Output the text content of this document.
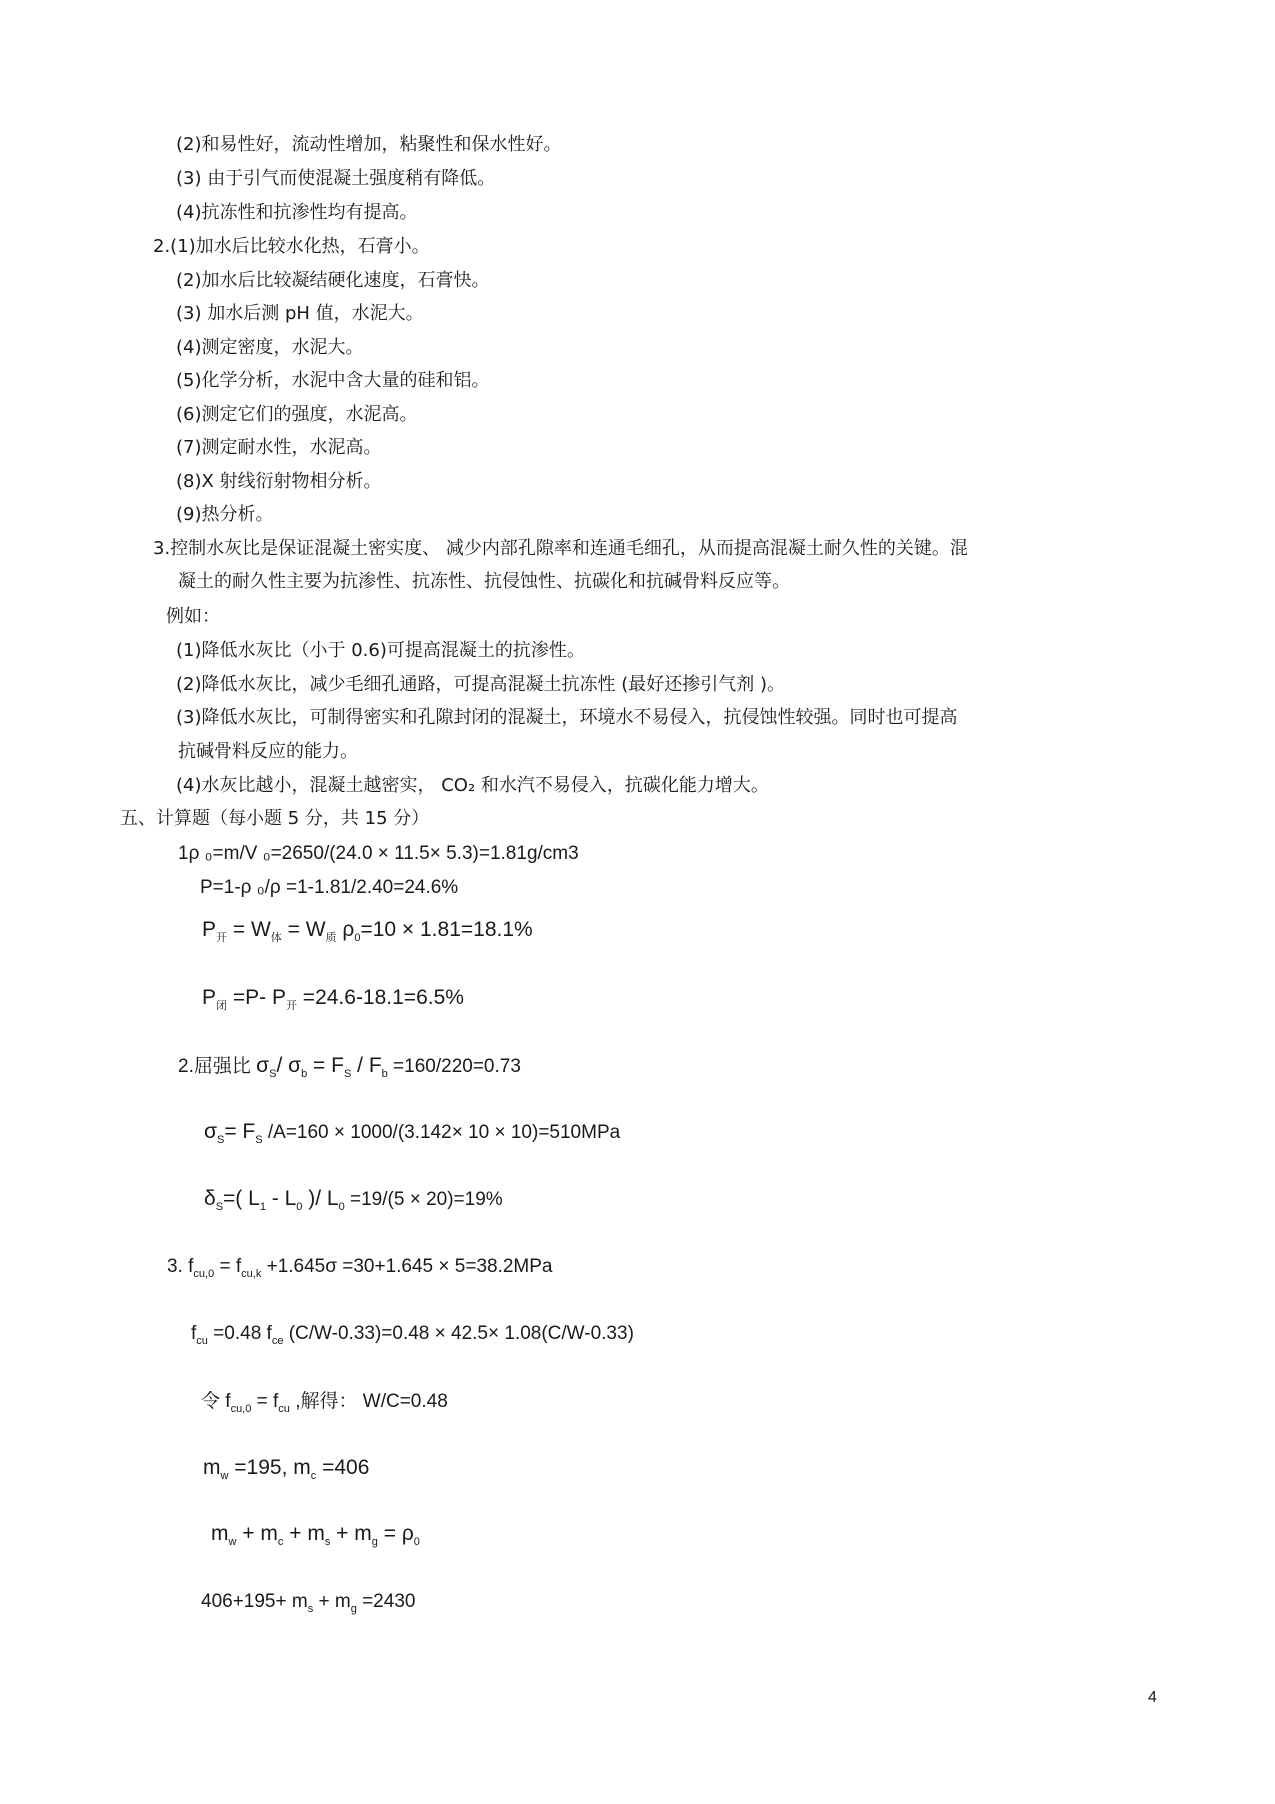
(2)和易性好，流动性增加，粘聚性和保水性好。
(3) 由于引气而使混凝土强度稍有降低。
(4)抗冻性和抗渗性均有提高。
2.(1)加水后比较水化热，石膏小。
(2)加水后比较凝结硬化速度，石膏快。
(3) 加水后测 pH 值，水泥大。
(4)测定密度，水泥大。
(5)化学分析，水泥中含大量的硅和铝。
(6)测定它们的强度，水泥高。
(7)测定耐水性，水泥高。
(8)X 射线衍射物相分析。
(9)热分析。
3.控制水灰比是保证混凝土密实度、 减少内部孔隙率和连通毛细孔，从而提高混凝土耐久性的关键。混
凝土的耐久性主要为抗渗性、抗冻性、抗侵蚀性、抗碳化和抗碱骨料反应等。
例如：
(1)降低水灰比（小于 0.6)可提高混凝土的抗渗性。
(2)降低水灰比，减少毛细孔通路，可提高混凝土抗冻性 (最好还掺引气剂 )。
(3)降低水灰比，可制得密实和孔隙封闭的混凝土，环境水不易侵入，抗侵蚀性较强。同时也可提高
抗碱骨料反应的能力。
(4)水灰比越小，混凝土越密实， CO₂ 和水汽不易侵入，抗碳化能力增大。
五、计算题（每小题 5 分，共 15 分）
1ρ ₀=m/V ₀=2650/(24.0 × 11.5× 5.3)=1.81g/cm3
P=1-ρ ₀/ρ =1-1.81/2.40=24.6%
$P_开 = W_体 = W_质$ $\rho_0=10 \times 1.81=18.1\%$
$P_闭 =P-$ $P_开 =24.6-18.1=6.5\%$
2.屈强比 $\sigma_S/$ $\sigma_b = F_S / F_b =160/220=0.73$
$\sigma_S= F_S$ /A=160 × 1000/(3.142× 10 × 10)=510MPa
$\delta_S=$( $L_1 - L_0$ )/ $L_0 =19/(5 \times 20)=19\%$
3. $f_{cu,0} = f_{cu,k} +1.645\sigma =30+1.645 \times 5=38.2MPa$
$f_{cu} =0.48$ $f_{ce}$ (C/W-0.33)=0.48 × 42.5× 1.08(C/W-0.33)
令 $f_{cu,0} = f_{cu}$ ,解得： W/C=0.48
$m_w =195$, $m_c =406$
$m_w + m_c + m_s + m_g = \rho_0$
$406+195+ m_s + m_g =2430$
4
